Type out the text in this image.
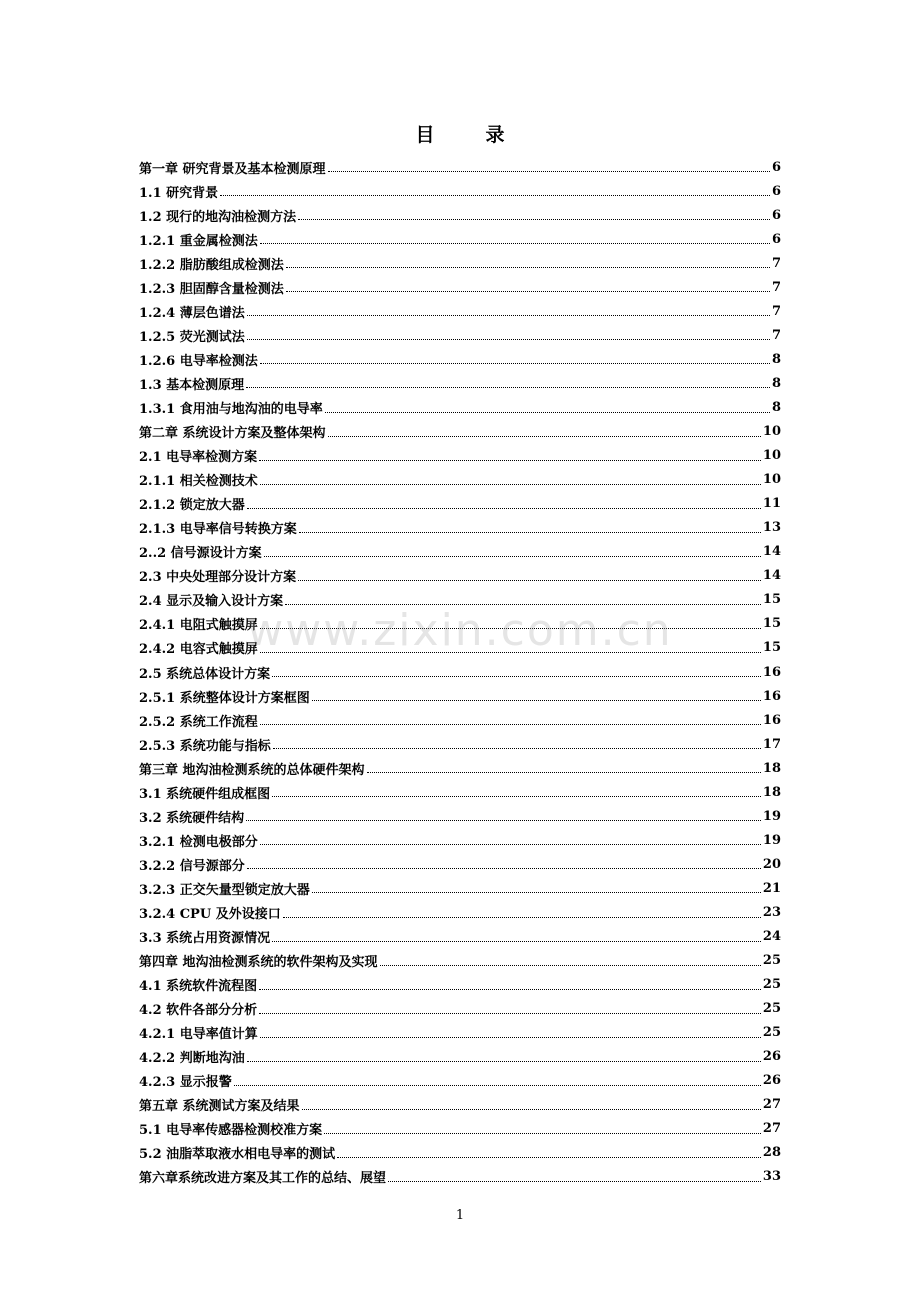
目　录
第一章 研究背景及基本检测原理	6
1.1 研究背景	6
1.2 现行的地沟油检测方法	6
1.2.1 重金属检测法	6
1.2.2 脂肪酸组成检测法	7
1.2.3 胆固醇含量检测法	7
1.2.4 薄层色谱法	7
1.2.5 荧光测试法	7
1.2.6 电导率检测法	8
1.3 基本检测原理	8
1.3.1 食用油与地沟油的电导率	8
第二章 系统设计方案及整体架构	10
2.1 电导率检测方案	10
2.1.1 相关检测技术	10
2.1.2 锁定放大器	11
2.1.3 电导率信号转换方案	13
2..2 信号源设计方案	14
2.3 中央处理部分设计方案	14
2.4 显示及输入设计方案	15
2.4.1 电阻式触摸屏	15
2.4.2 电容式触摸屏	15
2.5 系统总体设计方案	16
2.5.1 系统整体设计方案框图	16
2.5.2 系统工作流程	16
2.5.3 系统功能与指标	17
第三章 地沟油检测系统的总体硬件架构	18
3.1 系统硬件组成框图	18
3.2 系统硬件结构	19
3.2.1 检测电极部分	19
3.2.2 信号源部分	20
3.2.3 正交矢量型锁定放大器	21
3.2.4 CPU 及外设接口	23
3.3 系统占用资源情况	24
第四章 地沟油检测系统的软件架构及实现	25
4.1 系统软件流程图	25
4.2 软件各部分分析	25
4.2.1 电导率值计算	25
4.2.2 判断地沟油	26
4.2.3 显示报警	26
第五章 系统测试方案及结果	27
5.1 电导率传感器检测校准方案	27
5.2 油脂萃取液水相电导率的测试	28
第六章系统改进方案及其工作的总结、展望	33
www.zixin.com.cn
1
